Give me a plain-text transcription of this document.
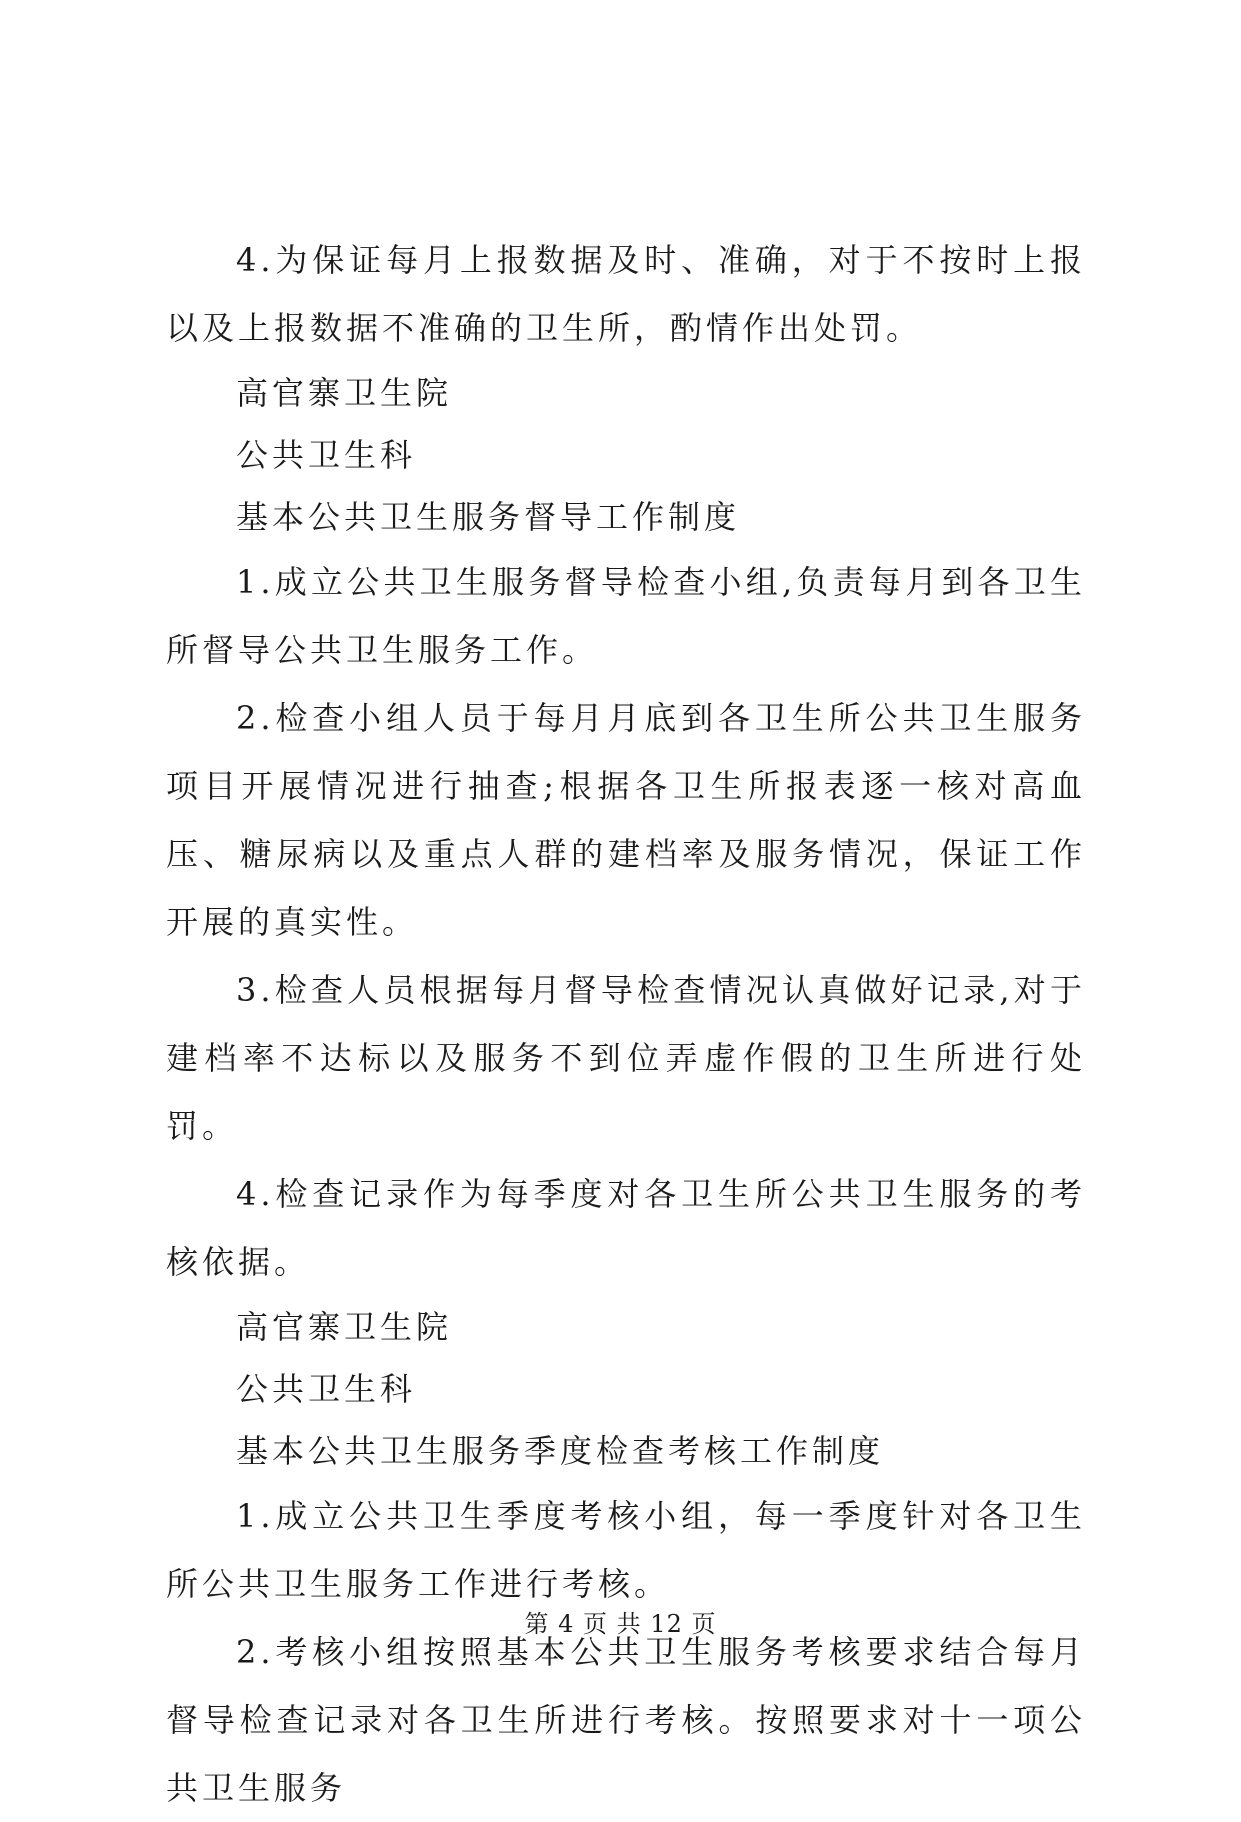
4.为保证每月上报数据及时、准确，对于不按时上报以及上报数据不准确的卫生所，酌情作出处罚。

高官寨卫生院

公共卫生科

基本公共卫生服务督导工作制度

1.成立公共卫生服务督导检查小组,负责每月到各卫生所督导公共卫生服务工作。

2.检查小组人员于每月月底到各卫生所公共卫生服务项目开展情况进行抽查;根据各卫生所报表逐一核对高血压、糖尿病以及重点人群的建档率及服务情况，保证工作开展的真实性。

3.检查人员根据每月督导检查情况认真做好记录,对于建档率不达标以及服务不到位弄虚作假的卫生所进行处罚。

4.检查记录作为每季度对各卫生所公共卫生服务的考核依据。

高官寨卫生院

公共卫生科

基本公共卫生服务季度检查考核工作制度

1.成立公共卫生季度考核小组，每一季度针对各卫生所公共卫生服务工作进行考核。

2.考核小组按照基本公共卫生服务考核要求结合每月督导检查记录对各卫生所进行考核。按照要求对十一项公共卫生服务

第 4 页 共 12 页
